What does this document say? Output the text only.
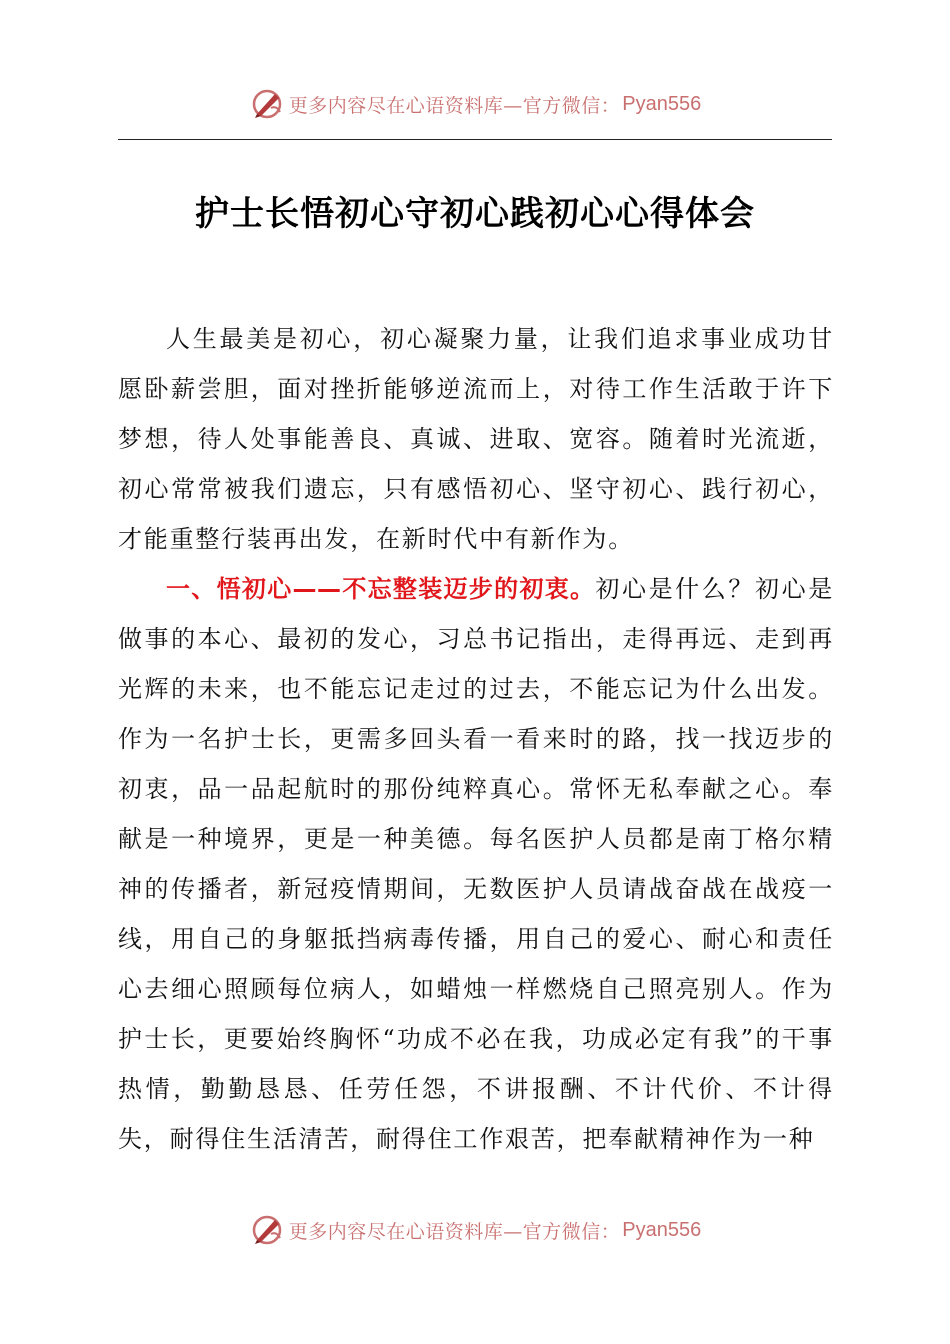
更多内容尽在心语资料库—官方微信： Pyan556
护士长悟初心守初心践初心心得体会

人生最美是初心，初心凝聚力量，让我们追求事业成功甘愿卧薪尝胆，面对挫折能够逆流而上，对待工作生活敢于许下梦想，待人处事能善良、真诚、进取、宽容。随着时光流逝，初心常常被我们遗忘，只有感悟初心、坚守初心、践行初心，才能重整行装再出发，在新时代中有新作为。

一、悟初心——不忘整装迈步的初衷。初心是什么？初心是做事的本心、最初的发心，习总书记指出，走得再远、走到再光辉的未来，也不能忘记走过的过去，不能忘记为什么出发。作为一名护士长，更需多回头看一看来时的路，找一找迈步的初衷，品一品起航时的那份纯粹真心。常怀无私奉献之心。奉献是一种境界，更是一种美德。每名医护人员都是南丁格尔精神的传播者，新冠疫情期间，无数医护人员请战奋战在战疫一线，用自己的身躯抵挡病毒传播，用自己的爱心、耐心和责任心去细心照顾每位病人，如蜡烛一样燃烧自己照亮别人。作为护士长，更要始终胸怀“功成不必在我，功成必定有我”的干事热情，勤勤恳恳、任劳任怨，不讲报酬、不计代价、不计得失，耐得住生活清苦，耐得住工作艰苦，把奉献精神作为一种

更多内容尽在心语资料库—官方微信： Pyan556
